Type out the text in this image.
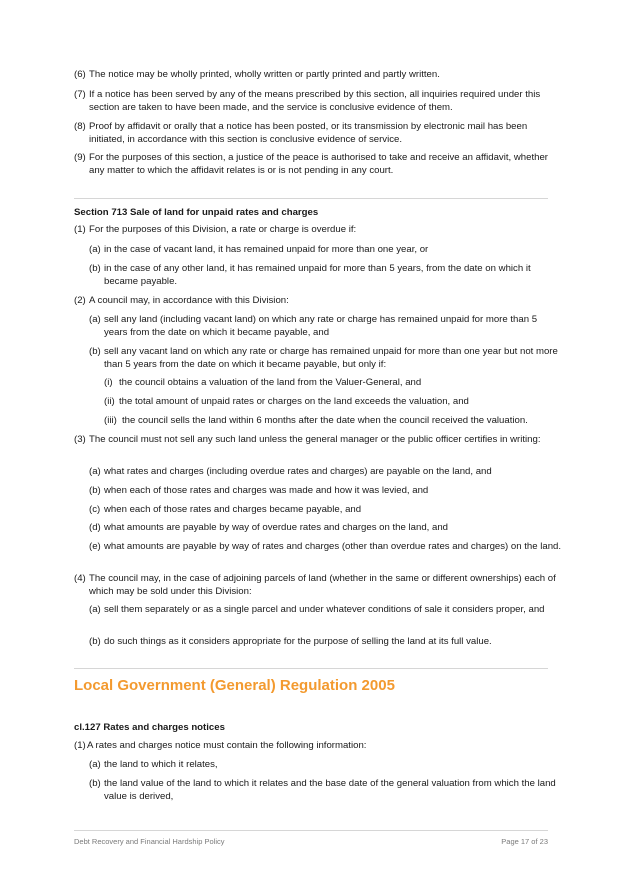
(6) The notice may be wholly printed, wholly written or partly printed and partly written.
(7) If a notice has been served by any of the means prescribed by this section, all inquiries required under this section are taken to have been made, and the service is conclusive evidence of them.
(8) Proof by affidavit or orally that a notice has been posted, or its transmission by electronic mail has been initiated, in accordance with this section is conclusive evidence of service.
(9) For the purposes of this section, a justice of the peace is authorised to take and receive an affidavit, whether any matter to which the affidavit relates is or is not pending in any court.
Section 713 Sale of land for unpaid rates and charges
(1) For the purposes of this Division, a rate or charge is overdue if:
(a) in the case of vacant land, it has remained unpaid for more than one year, or
(b) in the case of any other land, it has remained unpaid for more than 5 years, from the date on which it became payable.
(2) A council may, in accordance with this Division:
(a) sell any land (including vacant land) on which any rate or charge has remained unpaid for more than 5 years from the date on which it became payable, and
(b) sell any vacant land on which any rate or charge has remained unpaid for more than one year but not more than 5 years from the date on which it became payable, but only if:
(i) the council obtains a valuation of the land from the Valuer-General, and
(ii) the total amount of unpaid rates or charges on the land exceeds the valuation, and
(iii) the council sells the land within 6 months after the date when the council received the valuation.
(3) The council must not sell any such land unless the general manager or the public officer certifies in writing:
(a) what rates and charges (including overdue rates and charges) are payable on the land, and
(b) when each of those rates and charges was made and how it was levied, and
(c) when each of those rates and charges became payable, and
(d) what amounts are payable by way of overdue rates and charges on the land, and
(e) what amounts are payable by way of rates and charges (other than overdue rates and charges) on the land.
(4) The council may, in the case of adjoining parcels of land (whether in the same or different ownerships) each of which may be sold under this Division:
(a) sell them separately or as a single parcel and under whatever conditions of sale it considers proper, and
(b) do such things as it considers appropriate for the purpose of selling the land at its full value.
Local Government (General) Regulation 2005
cl.127 Rates and charges notices
(1) A rates and charges notice must contain the following information:
(a) the land to which it relates,
(b) the land value of the land to which it relates and the base date of the general valuation from which the land value is derived,
Debt Recovery and Financial Hardship Policy	Page 17 of 23
